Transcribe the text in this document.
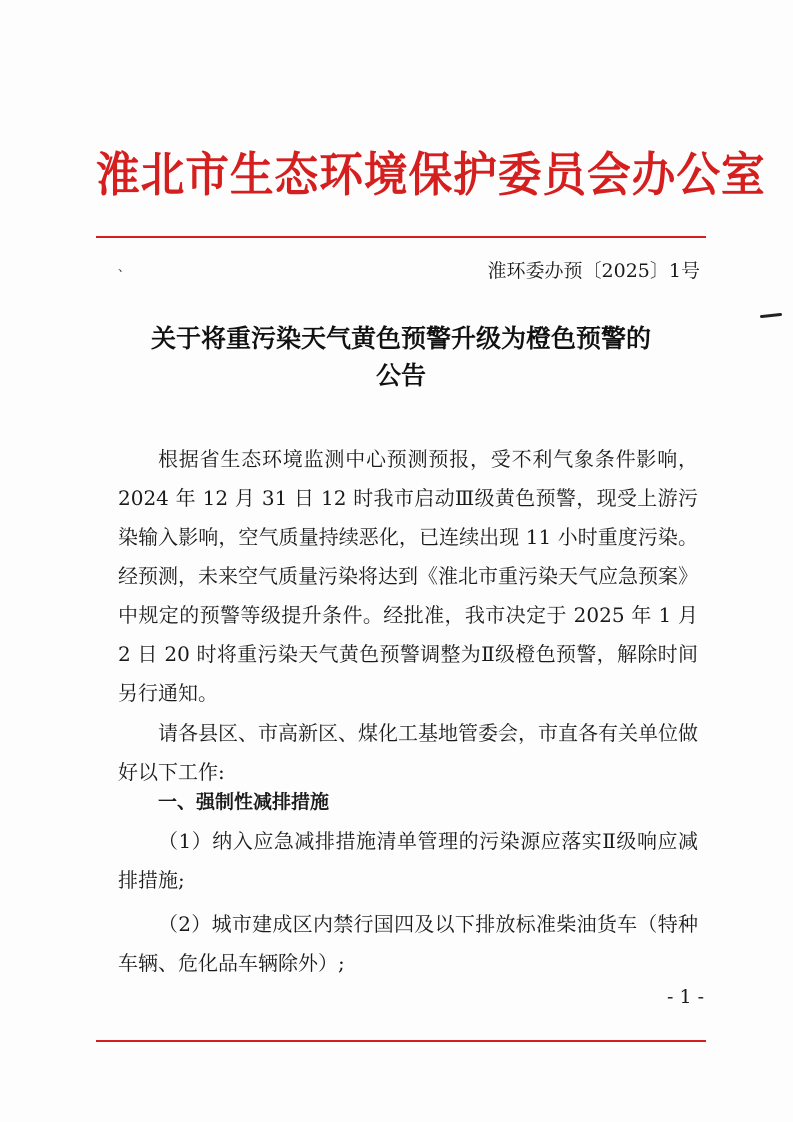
淮北市生态环境保护委员会办公室
、	淮环委办预〔2025〕1号
关于将重污染天气黄色预警升级为橙色预警的
公告

根据省生态环境监测中心预测预报，受不利气象条件影响，2024 年 12 月 31 日 12 时我市启动Ⅲ级黄色预警，现受上游污染输入影响，空气质量持续恶化，已连续出现 11 小时重度污染。经预测，未来空气质量污染将达到《淮北市重污染天气应急预案》中规定的预警等级提升条件。经批准，我市决定于 2025 年 1 月 2 日 20 时将重污染天气黄色预警调整为Ⅱ级橙色预警，解除时间另行通知。

请各县区、市高新区、煤化工基地管委会，市直各有关单位做好以下工作:

一、强制性减排措施

（1）纳入应急减排措施清单管理的污染源应落实Ⅱ级响应减排措施;

（2）城市建成区内禁行国四及以下排放标准柴油货车（特种车辆、危化品车辆除外）;

- 1 -
